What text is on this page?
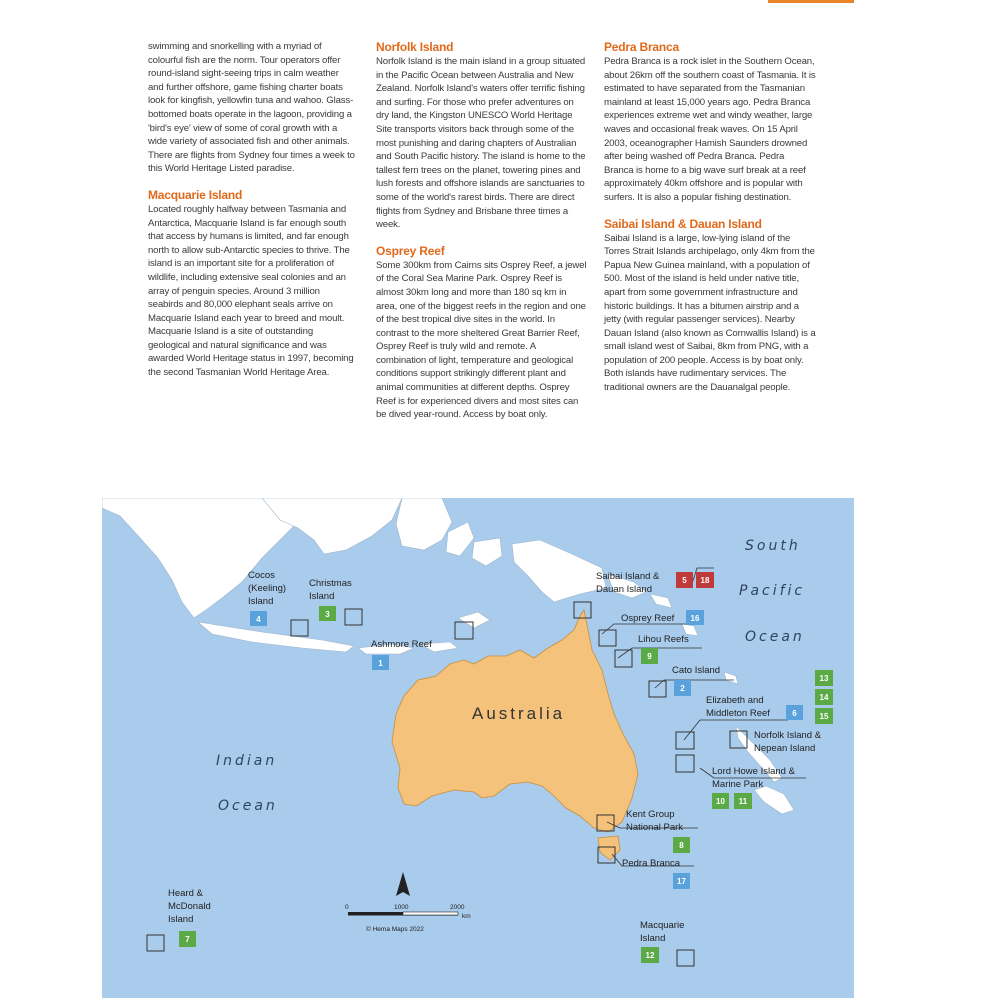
swimming and snorkelling with a myriad of colourful fish are the norm. Tour operators offer round-island sight-seeing trips in calm weather and further offshore, game fishing charter boats look for kingfish, yellowfin tuna and wahoo. Glass-bottomed boats operate in the lagoon, providing a 'bird's eye' view of some of coral growth with a wide variety of associated fish and other animals. There are flights from Sydney four times a week to this World Heritage Listed paradise.

Macquarie Island

Located roughly halfway between Tasmania and Antarctica, Macquarie Island is far enough south that access by humans is limited, and far enough north to allow sub-Antarctic species to thrive. The island is an important site for a proliferation of wildlife, including extensive seal colonies and an array of penguin species. Around 3 million seabirds and 80,000 elephant seals arrive on Macquarie Island each year to breed and moult. Macquarie Island is a site of outstanding geological and natural significance and was awarded World Heritage status in 1997, becoming the second Tasmanian World Heritage Area.

Norfolk Island

Norfolk Island is the main island in a group situated in the Pacific Ocean between Australia and New Zealand. Norfolk Island's waters offer terrific fishing and surfing. For those who prefer adventures on dry land, the Kingston UNESCO World Heritage Site transports visitors back through some of the most punishing and daring chapters of Australian and South Pacific history. The island is home to the tallest fern trees on the planet, towering pines and lush forests and offshore islands are sanctuaries to some of the world's rarest birds. There are direct flights from Sydney and Brisbane three times a week.

Osprey Reef

Some 300km from Cairns sits Osprey Reef, a jewel of the Coral Sea Marine Park. Osprey Reef is almost 30km long and more than 180 sq km in area, one of the biggest reefs in the region and one of the best tropical dive sites in the world. In contrast to the more sheltered Great Barrier Reef, Osprey Reef is truly wild and remote. A combination of light, temperature and geological conditions support strikingly different plant and animal communities at different depths. Osprey Reef is for experienced divers and most sites can be dived year-round. Access by boat only.

Pedra Branca

Pedra Branca is a rock islet in the Southern Ocean, about 26km off the southern coast of Tasmania. It is estimated to have separated from the Tasmanian mainland at least 15,000 years ago. Pedra Branca experiences extreme wet and windy weather, large waves and occasional freak waves. On 15 April 2003, oceanographer Hamish Saunders drowned after being washed off Pedra Branca. Pedra Branca is home to a big wave surf break at a reef approximately 40km offshore and is popular with surfers. It is also a popular fishing destination.

Saibai Island & Dauan Island

Saibai Island is a large, low-lying island of the Torres Strait Islands archipelago, only 4km from the Papua New Guinea mainland, with a population of 500. Most of the island is held under native title, apart from some government infrastructure and historic buildings. It has a bitumen airstrip and a jetty (with regular passenger services). Nearby Dauan Island (also known as Cornwallis Island) is a small island west of Saibai, 8km from PNG, with a population of 200 people. Access is by boat only. Both islands have rudimentary services. The traditional owners are the Dauanalgal people.

South
Pacific
Ocean
Indian
Ocean
Australia
Cocos
(Keeling)
Island
Christmas
Island
Ashmore Reef
Saibai Island &
Dauan Island
Osprey Reef
Lihou Reefs
Cato Island
Elizabeth and
Middleton Reef
Norfolk Island &
Nepean Island
Lord Howe Island &
Marine Park
Kent Group
National Park
Pedra Branca
Macquarie
Island
Heard &
McDonald
Island
4
3
1
5 18
16
9
2
6
13
14
15
10 11
8
17
12
7
0	1000	2000
km
© Hema Maps 2022
